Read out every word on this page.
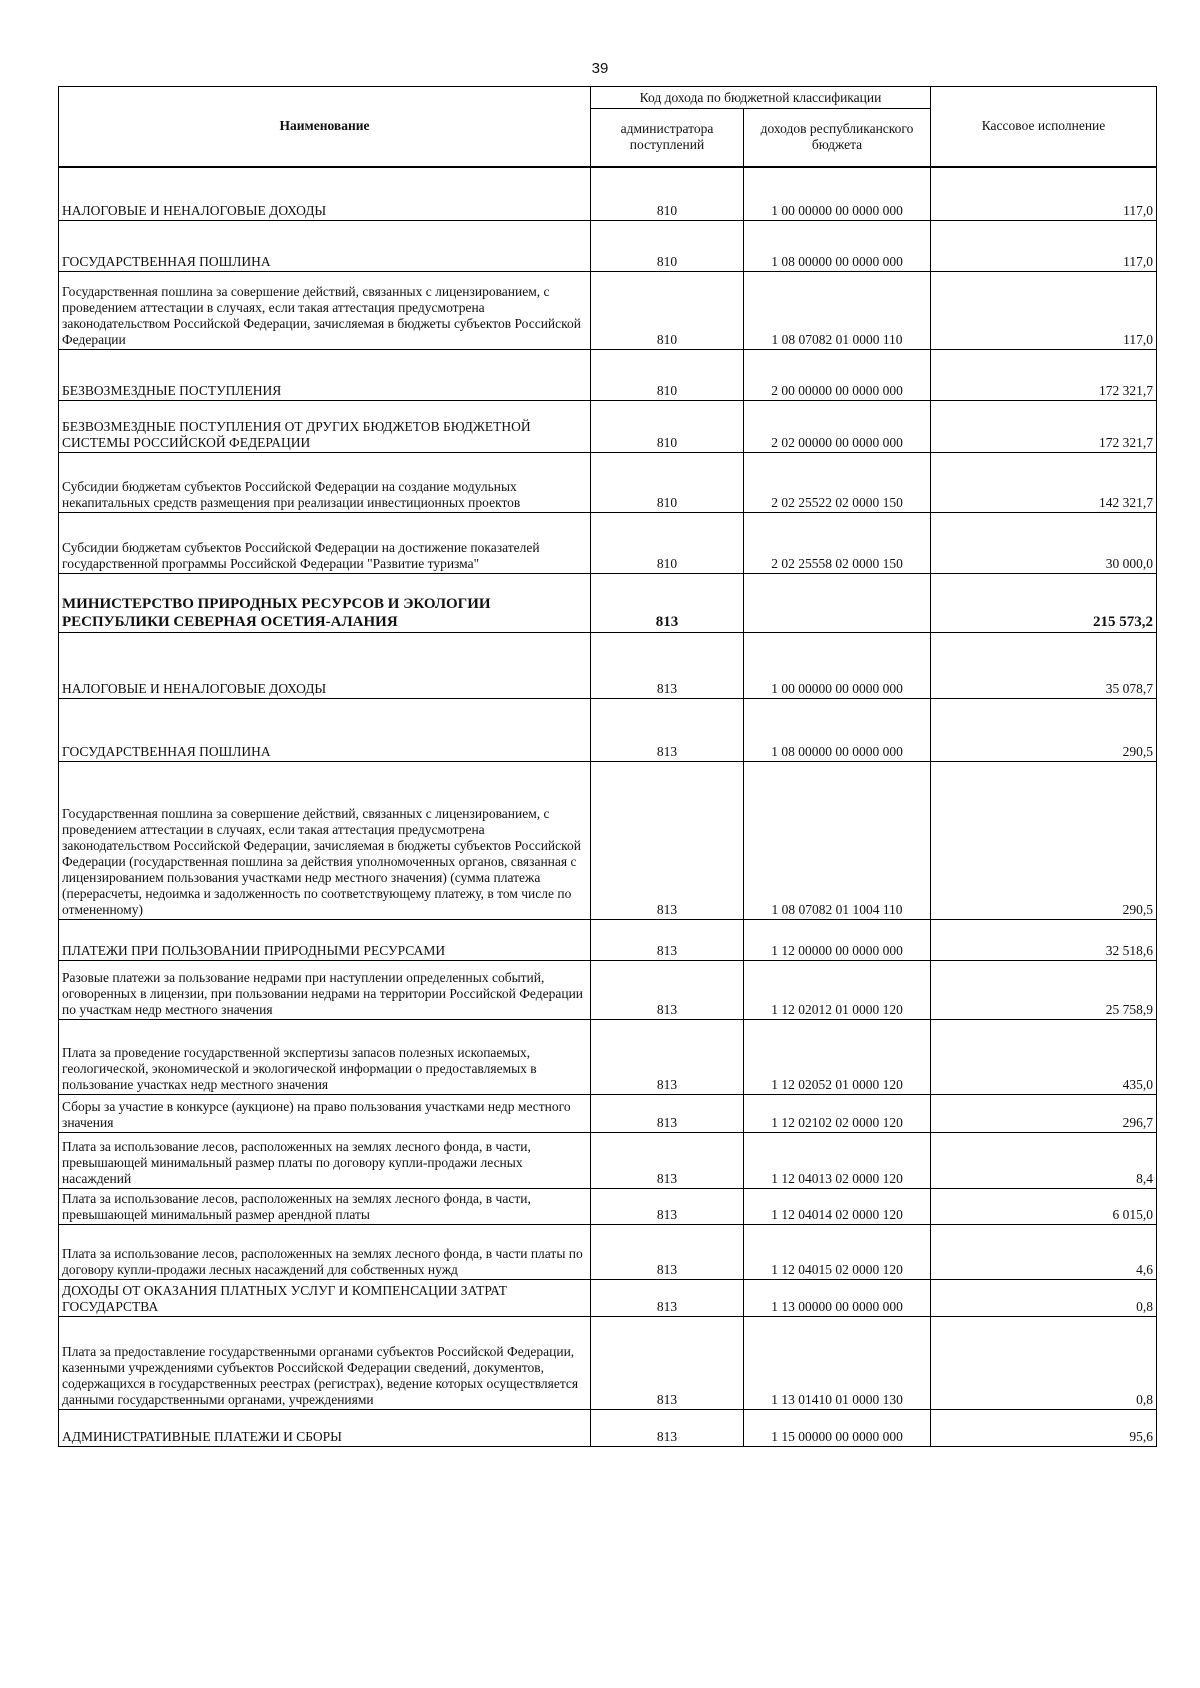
39
Наименование	Код дохода по бюджетной классификации		Кассовое исполнение
	администратора поступлений	доходов республиканского бюджета	
НАЛОГОВЫЕ И НЕНАЛОГОВЫЕ ДОХОДЫ	810	1 00 00000 00 0000 000	117,0
ГОСУДАРСТВЕННАЯ ПОШЛИНА	810	1 08 00000 00 0000 000	117,0
Государственная пошлина за совершение действий, связанных с лицензированием, с проведением аттестации в случаях, если такая аттестация предусмотрена законодательством Российской Федерации, зачисляемая в бюджеты субъектов Российской Федерации	810	1 08 07082 01 0000 110	117,0
БЕЗВОЗМЕЗДНЫЕ ПОСТУПЛЕНИЯ	810	2 00 00000 00 0000 000	172 321,7
БЕЗВОЗМЕЗДНЫЕ ПОСТУПЛЕНИЯ ОТ ДРУГИХ БЮДЖЕТОВ БЮДЖЕТНОЙ СИСТЕМЫ РОССИЙСКОЙ ФЕДЕРАЦИИ	810	2 02 00000 00 0000 000	172 321,7
Субсидии бюджетам субъектов Российской Федерации на создание модульных некапитальных средств размещения при реализации инвестиционных проектов	810	2 02 25522 02 0000 150	142 321,7
Субсидии бюджетам субъектов Российской Федерации на достижение показателей государственной программы Российской Федерации "Развитие туризма"	810	2 02 25558 02 0000 150	30 000,0
МИНИСТЕРСТВО ПРИРОДНЫХ РЕСУРСОВ И ЭКОЛОГИИ РЕСПУБЛИКИ СЕВЕРНАЯ ОСЕТИЯ-АЛАНИЯ	813		215 573,2
НАЛОГОВЫЕ И НЕНАЛОГОВЫЕ ДОХОДЫ	813	1 00 00000 00 0000 000	35 078,7
ГОСУДАРСТВЕННАЯ ПОШЛИНА	813	1 08 00000 00 0000 000	290,5
Государственная пошлина за совершение действий, связанных с лицензированием, с проведением аттестации в случаях, если такая аттестация предусмотрена законодательством Российской Федерации, зачисляемая в бюджеты субъектов Российской Федерации (государственная пошлина за действия уполномоченных органов, связанная с лицензированием пользования участками недр местного значения) (сумма платежа (перерасчеты, недоимка и задолженность по соответствующему платежу, в том числе по отмененному)	813	1 08 07082 01 1004 110	290,5
ПЛАТЕЖИ ПРИ ПОЛЬЗОВАНИИ ПРИРОДНЫМИ РЕСУРСАМИ	813	1 12 00000 00 0000 000	32 518,6
Разовые платежи за пользование недрами при наступлении определенных событий, оговоренных в лицензии, при пользовании недрами на территории Российской Федерации по участкам недр местного значения	813	1 12 02012 01 0000 120	25 758,9
Плата за проведение государственной экспертизы запасов полезных ископаемых, геологической, экономической и экологической информации о предоставляемых в пользование участках недр местного значения	813	1 12 02052 01 0000 120	435,0
Сборы за участие в конкурсе (аукционе) на право пользования участками недр местного значения	813	1 12 02102 02 0000 120	296,7
Плата за использование лесов, расположенных на землях лесного фонда, в части, превышающей минимальный размер платы по договору купли-продажи лесных насаждений	813	1 12 04013 02 0000 120	8,4
Плата за использование лесов, расположенных на землях лесного фонда, в части, превышающей минимальный размер арендной платы	813	1 12 04014 02 0000 120	6 015,0
Плата за использование лесов, расположенных на землях лесного фонда, в части платы по договору купли-продажи лесных насаждений для собственных нужд	813	1 12 04015 02 0000 120	4,6
ДОХОДЫ ОТ ОКАЗАНИЯ ПЛАТНЫХ УСЛУГ И КОМПЕНСАЦИИ ЗАТРАТ ГОСУДАРСТВА	813	1 13 00000 00 0000 000	0,8
Плата за предоставление государственными органами субъектов Российской Федерации, казенными учреждениями субъектов Российской Федерации сведений, документов, содержащихся в государственных реестрах (регистрах), ведение которых осуществляется данными государственными органами, учреждениями	813	1 13 01410 01 0000 130	0,8
АДМИНИСТРАТИВНЫЕ ПЛАТЕЖИ И СБОРЫ	813	1 15 00000 00 0000 000	95,6
